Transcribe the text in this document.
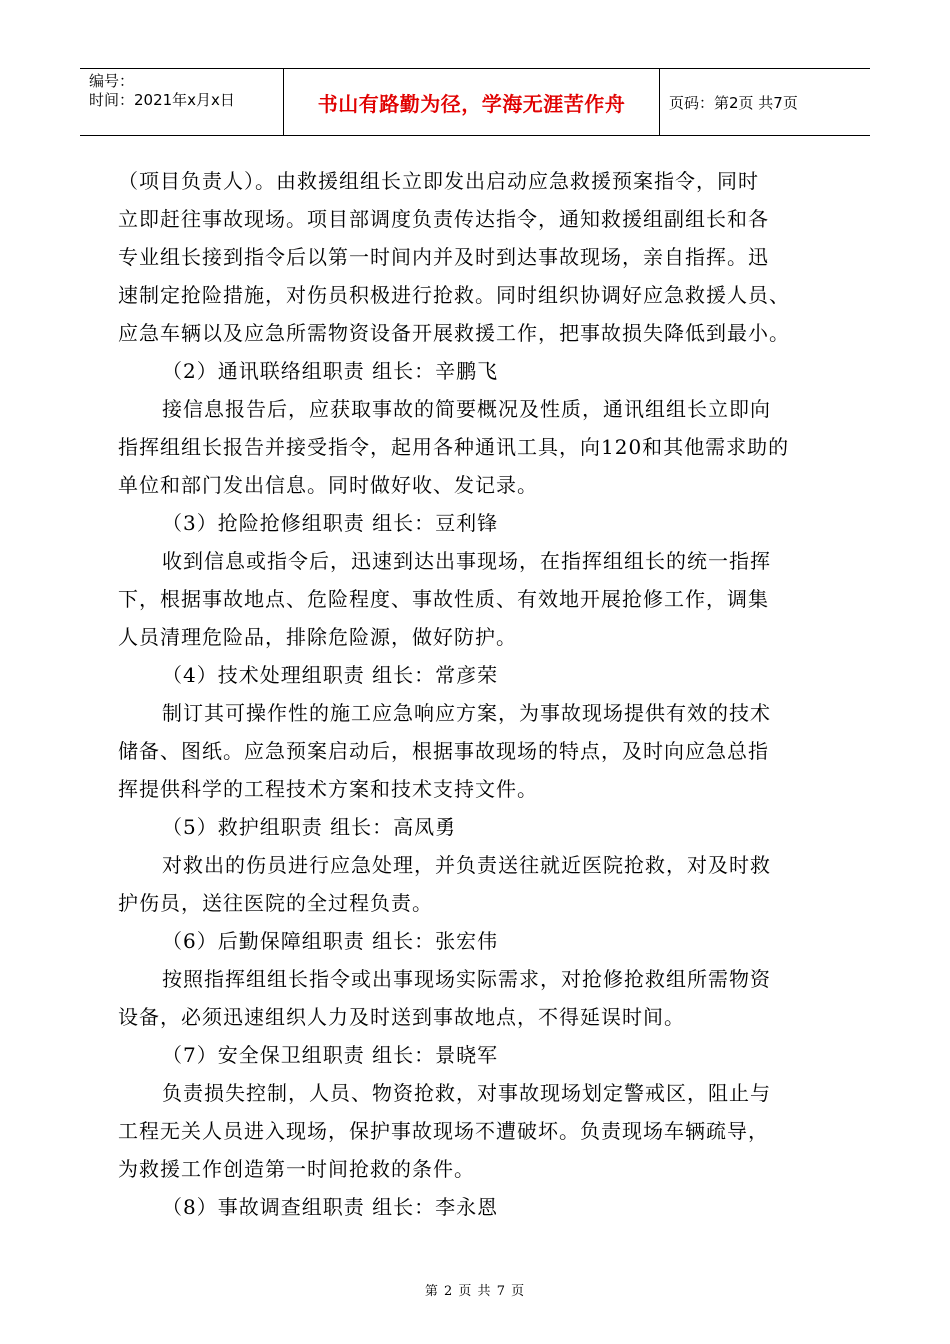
编号：
时间：2021年x月x日	书山有路勤为径，学海无涯苦作舟	页码：第2页 共7页
（项目负责人）。由救援组组长立即发出启动应急救援预案指令，同时
立即赶往事故现场。项目部调度负责传达指令，通知救援组副组长和各
专业组长接到指令后以第一时间内并及时到达事故现场，亲自指挥。迅
速制定抢险措施，对伤员积极进行抢救。同时组织协调好应急救援人员、
应急车辆以及应急所需物资设备开展救援工作，把事故损失降低到最小。
（2）通讯联络组职责 组长：辛鹏飞
接信息报告后，应获取事故的简要概况及性质，通讯组组长立即向
指挥组组长报告并接受指令，起用各种通讯工具，向120和其他需求助的
单位和部门发出信息。同时做好收、发记录。
（3）抢险抢修组职责 组长：豆利锋
收到信息或指令后，迅速到达出事现场，在指挥组组长的统一指挥
下，根据事故地点、危险程度、事故性质、有效地开展抢修工作，调集
人员清理危险品，排除危险源，做好防护。
（4）技术处理组职责 组长：常彦荣
制订其可操作性的施工应急响应方案，为事故现场提供有效的技术
储备、图纸。应急预案启动后，根据事故现场的特点，及时向应急总指
挥提供科学的工程技术方案和技术支持文件。
（5）救护组职责 组长：高凤勇
对救出的伤员进行应急处理，并负责送往就近医院抢救，对及时救
护伤员，送往医院的全过程负责。
（6）后勤保障组职责 组长：张宏伟
按照指挥组组长指令或出事现场实际需求，对抢修抢救组所需物资
设备，必须迅速组织人力及时送到事故地点，不得延误时间。
（7）安全保卫组职责 组长：景晓军
负责损失控制，人员、物资抢救，对事故现场划定警戒区，阻止与
工程无关人员进入现场，保护事故现场不遭破坏。负责现场车辆疏导，
为救援工作创造第一时间抢救的条件。
（8）事故调查组职责 组长：李永恩
第 2 页 共 7 页
